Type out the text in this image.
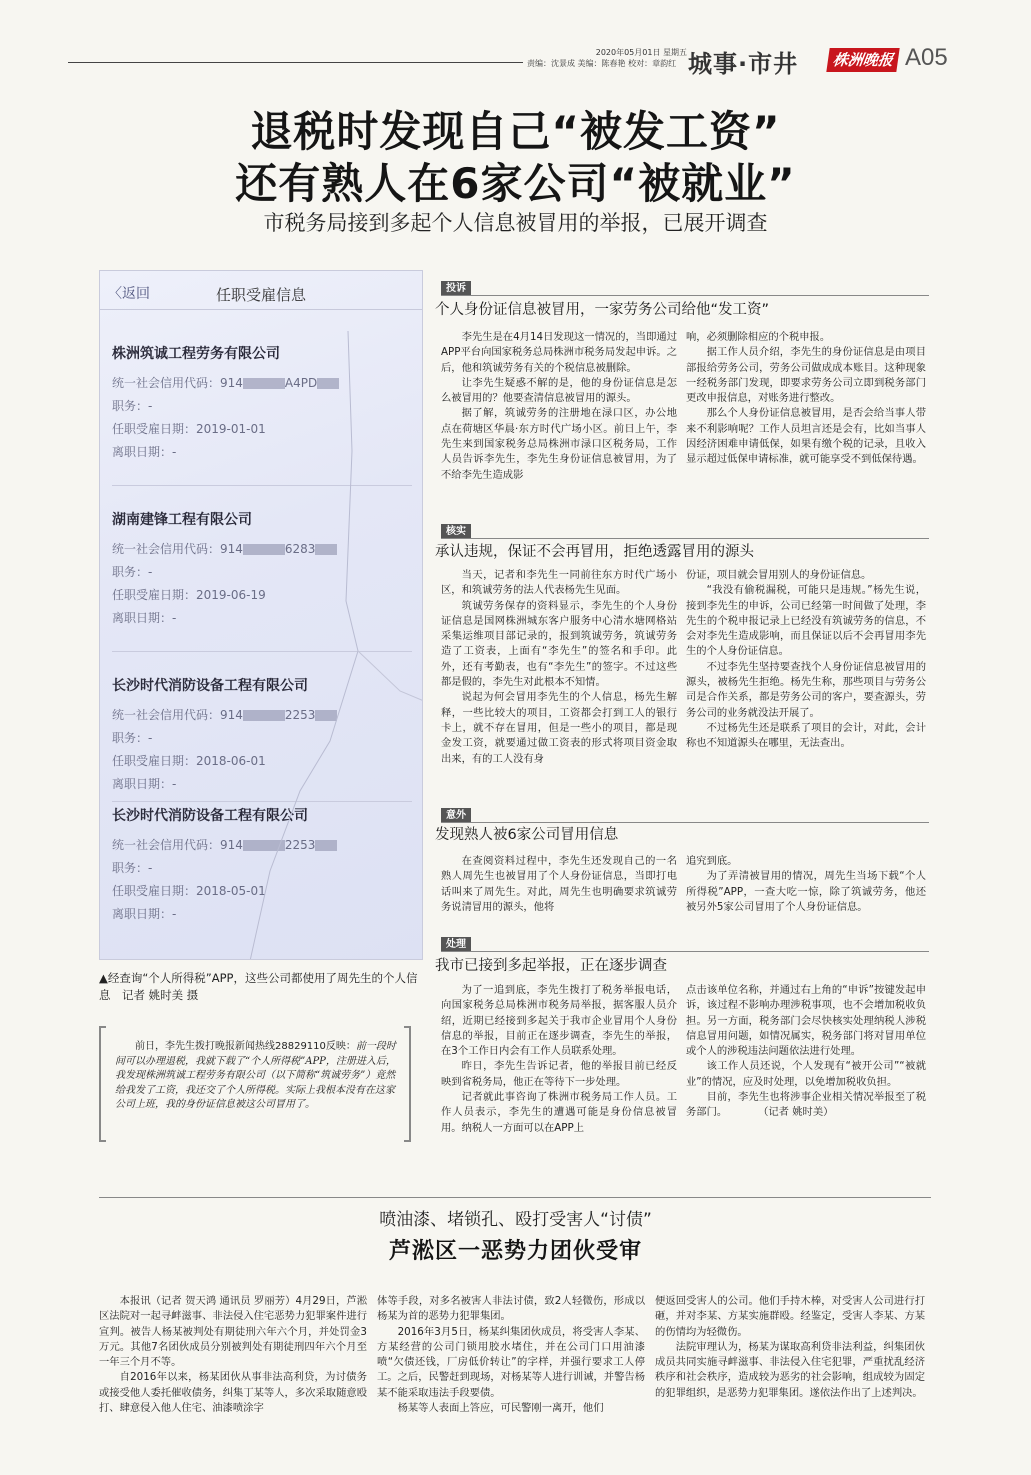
2020年05月01日 星期五
责编：沈景成 美编：陈春艳 校对：章韵红 城事·市井	株洲晚报 A05
退税时发现自己“被发工资”
还有熟人在6家公司“被就业”
市税务局接到多起个人信息被冒用的举报，已展开调查
〈返回	任职受雇信息
株洲筑诚工程劳务有限公司
统一社会信用代码：914	A4PD
职务：-
任职受雇日期：2019-01-01
离职日期：-
湖南建锋工程有限公司
统一社会信用代码：914	6283
职务：-
任职受雇日期：2019-06-19
离职日期：-
长沙时代消防设备工程有限公司
统一社会信用代码：914	2253
职务：-
任职受雇日期：2018-06-01
离职日期：-
长沙时代消防设备工程有限公司
统一社会信用代码：914	2253
职务：-
任职受雇日期：2018-05-01
离职日期：-
▲经查询“个人所得税”APP，这些公司都使用了周先生的个人信息　记者 姚时美 摄

前日，李先生拨打晚报新闻热线28829110反映：前一段时间可以办理退税，我就下载了“个人所得税”APP，注册进入后，我发现株洲筑诚工程劳务有限公司（以下简称“筑诚劳务”）竟然给我发了工资，我还交了个人所得税。实际上我根本没有在这家公司上班，我的身份证信息被这公司冒用了。

投诉
个人身份证信息被冒用，一家劳务公司给他“发工资”

李先生是在4月14日发现这一情况的，当即通过APP平台向国家税务总局株洲市税务局发起申诉。之后，他和筑诚劳务有关的个税信息被删除。

让李先生疑惑不解的是，他的身份证信息是怎么被冒用的？他要查清信息被冒用的源头。

据了解，筑诚劳务的注册地在渌口区，办公地点在荷塘区华晨·东方时代广场小区。前日上午，李先生来到国家税务总局株洲市渌口区税务局，工作人员告诉李先生，李先生身份证信息被冒用，为了不给李先生造成影

响，必须删除相应的个税申报。

据工作人员介绍，李先生的身份证信息是由项目部报给劳务公司，劳务公司做成成本账目。这种现象一经税务部门发现，即要求劳务公司立即到税务部门更改申报信息，对账务进行整改。

那么个人身份证信息被冒用，是否会给当事人带来不利影响呢？工作人员坦言还是会有，比如当事人因经济困难申请低保，如果有缴个税的记录，且收入显示超过低保申请标准，就可能享受不到低保待遇。

核实
承认违规，保证不会再冒用，拒绝透露冒用的源头

当天，记者和李先生一同前往东方时代广场小区，和筑诚劳务的法人代表杨先生见面。

筑诚劳务保存的资料显示，李先生的个人身份证信息是国网株洲城东客户服务中心清水塘网格站采集运维项目部记录的，报到筑诚劳务，筑诚劳务造了工资表，上面有“李先生”的签名和手印。此外，还有考勤表，也有“李先生”的签字。不过这些都是假的，李先生对此根本不知情。

说起为何会冒用李先生的个人信息，杨先生解释，一些比较大的项目，工资都会打到工人的银行卡上，就不存在冒用，但是一些小的项目，都是现金发工资，就要通过做工资表的形式将项目资金取出来，有的工人没有身

份证，项目就会冒用别人的身份证信息。

“我没有偷税漏税，可能只是违规。”杨先生说，接到李先生的申诉，公司已经第一时间做了处理，李先生的个税申报记录上已经没有筑诚劳务的信息，不会对李先生造成影响，而且保证以后不会再冒用李先生的个人身份证信息。

不过李先生坚持要查找个人身份证信息被冒用的源头，被杨先生拒绝。杨先生称，那些项目与劳务公司是合作关系，都是劳务公司的客户，要查源头，劳务公司的业务就没法开展了。

不过杨先生还是联系了项目的会计，对此，会计称也不知道源头在哪里，无法查出。

意外
发现熟人被6家公司冒用信息

在查阅资料过程中，李先生还发现自己的一名熟人周先生也被冒用了个人身份证信息，当即打电话叫来了周先生。对此，周先生也明确要求筑诚劳务说清冒用的源头，他将

追究到底。

为了弄清被冒用的情况，周先生当场下载“个人所得税”APP，一查大吃一惊，除了筑诚劳务，他还被另外5家公司冒用了个人身份证信息。

处理
我市已接到多起举报，正在逐步调查

为了一追到底，李先生拨打了税务举报电话，向国家税务总局株洲市税务局举报，据客服人员介绍，近期已经接到多起关于我市企业冒用个人身份信息的举报，目前正在逐步调查，李先生的举报，在3个工作日内会有工作人员联系处理。

昨日，李先生告诉记者，他的举报目前已经反映到省税务局，他正在等待下一步处理。

记者就此事咨询了株洲市税务局工作人员。工作人员表示，李先生的遭遇可能是身份信息被冒用。纳税人一方面可以在APP上

点击该单位名称，并通过右上角的“申诉”按键发起申诉，该过程不影响办理涉税事项，也不会增加税收负担。另一方面，税务部门会尽快核实处理纳税人涉税信息冒用问题，如情况属实，税务部门将对冒用单位或个人的涉税违法问题依法进行处理。

该工作人员还说，个人发现有“被开公司”“被就业”的情况，应及时处理，以免增加税收负担。

目前，李先生也将涉事企业相关情况举报至了税务部门。　　　　（记者 姚时美）

喷油漆、堵锁孔、殴打受害人“讨债”
芦淞区一恶势力团伙受审

本报讯（记者 贺天鸿 通讯员 罗丽芳）4月29日，芦淞区法院对一起寻衅滋事、非法侵入住宅恶势力犯罪案件进行宣判。被告人杨某被判处有期徒刑六年六个月，并处罚金3万元。其他7名团伙成员分别被判处有期徒刑四年六个月至一年三个月不等。

自2016年以来，杨某团伙从事非法高利贷，为讨债务或接受他人委托催收债务，纠集丁某等人，多次采取随意殴打、肆意侵入他人住宅、油漆喷涂字

体等手段，对多名被害人非法讨债，致2人轻微伤，形成以杨某为首的恶势力犯罪集团。

2016年3月5日，杨某纠集团伙成员，将受害人李某、方某经营的公司门锁用胶水堵住，并在公司门口用油漆喷“欠债还钱，厂房低价转让”的字样，并强行要求工人停工。之后，民警赶到现场，对杨某等人进行训诫，并警告杨某不能采取违法手段要债。

杨某等人表面上答应，可民警刚一离开，他们

便返回受害人的公司。他们手持木棒，对受害人公司进行打砸，并对李某、方某实施群殴。经鉴定，受害人李某、方某的伤情均为轻微伤。

法院审理认为，杨某为谋取高利贷非法利益，纠集团伙成员共同实施寻衅滋事、非法侵入住宅犯罪，严重扰乱经济秩序和社会秩序，造成较为恶劣的社会影响，组成较为固定的犯罪组织，是恶势力犯罪集团。遂依法作出了上述判决。
